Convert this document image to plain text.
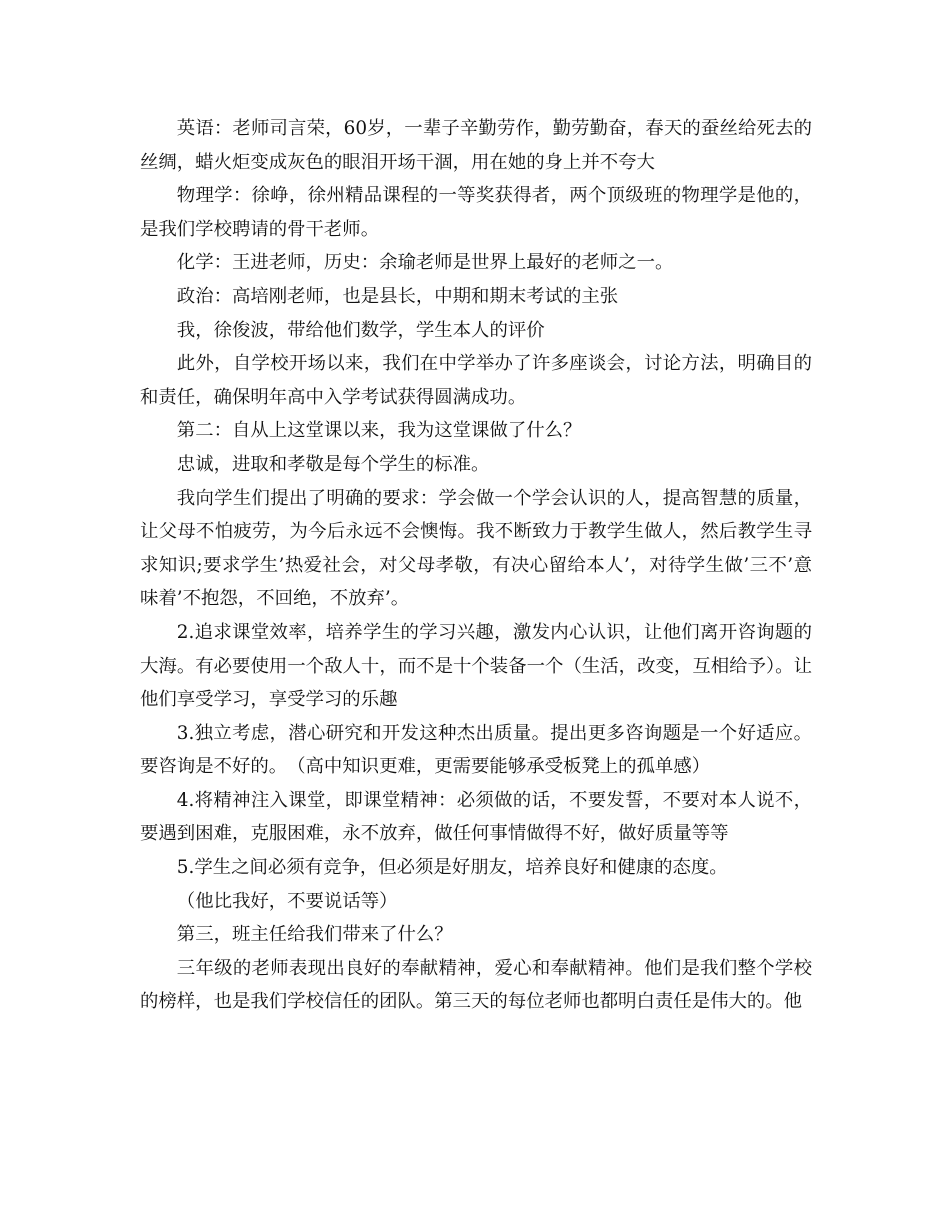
英语：老师司言荣，60岁，一辈子辛勤劳作，勤劳勤奋，春天的蚕丝给死去的丝绸，蜡火炬变成灰色的眼泪开场干涸，用在她的身上并不夸大

物理学：徐峥，徐州精品课程的一等奖获得者，两个顶级班的物理学是他的，是我们学校聘请的骨干老师。

化学：王进老师，历史：余瑜老师是世界上最好的老师之一。

政治：高培刚老师，也是县长，中期和期末考试的主张

我，徐俊波，带给他们数学，学生本人的评价

此外，自学校开场以来，我们在中学举办了许多座谈会，讨论方法，明确目的和责任，确保明年高中入学考试获得圆满成功。

第二：自从上这堂课以来，我为这堂课做了什么？

忠诚，进取和孝敬是每个学生的标准。

我向学生们提出了明确的要求：学会做一个学会认识的人，提高智慧的质量，让父母不怕疲劳，为今后永远不会懊悔。我不断致力于教学生做人，然后教学生寻求知识;要求学生’热爱社会，对父母孝敬，有决心留给本人’，对待学生做’三不’意味着’不抱怨，不回绝，不放弃’。

2.追求课堂效率，培养学生的学习兴趣，激发内心认识，让他们离开咨询题的大海。有必要使用一个敌人十，而不是十个装备一个（生活，改变，互相给予）。让他们享受学习，享受学习的乐趣

3.独立考虑，潜心研究和开发这种杰出质量。提出更多咨询题是一个好适应。要咨询是不好的。　（高中知识更难，更需要能够承受板凳上的孤单感）

4.将精神注入课堂，即课堂精神：必须做的话，不要发誓，不要对本人说不，要遇到困难，克服困难，永不放弃，做任何事情做得不好，做好质量等等

5.学生之间必须有竞争，但必须是好朋友，培养良好和健康的态度。

（他比我好，不要说话等）

第三，班主任给我们带来了什么？

三年级的老师表现出良好的奉献精神，爱心和奉献精神。他们是我们整个学校的榜样，也是我们学校信任的团队。第三天的每位老师也都明白责任是伟大的。他
